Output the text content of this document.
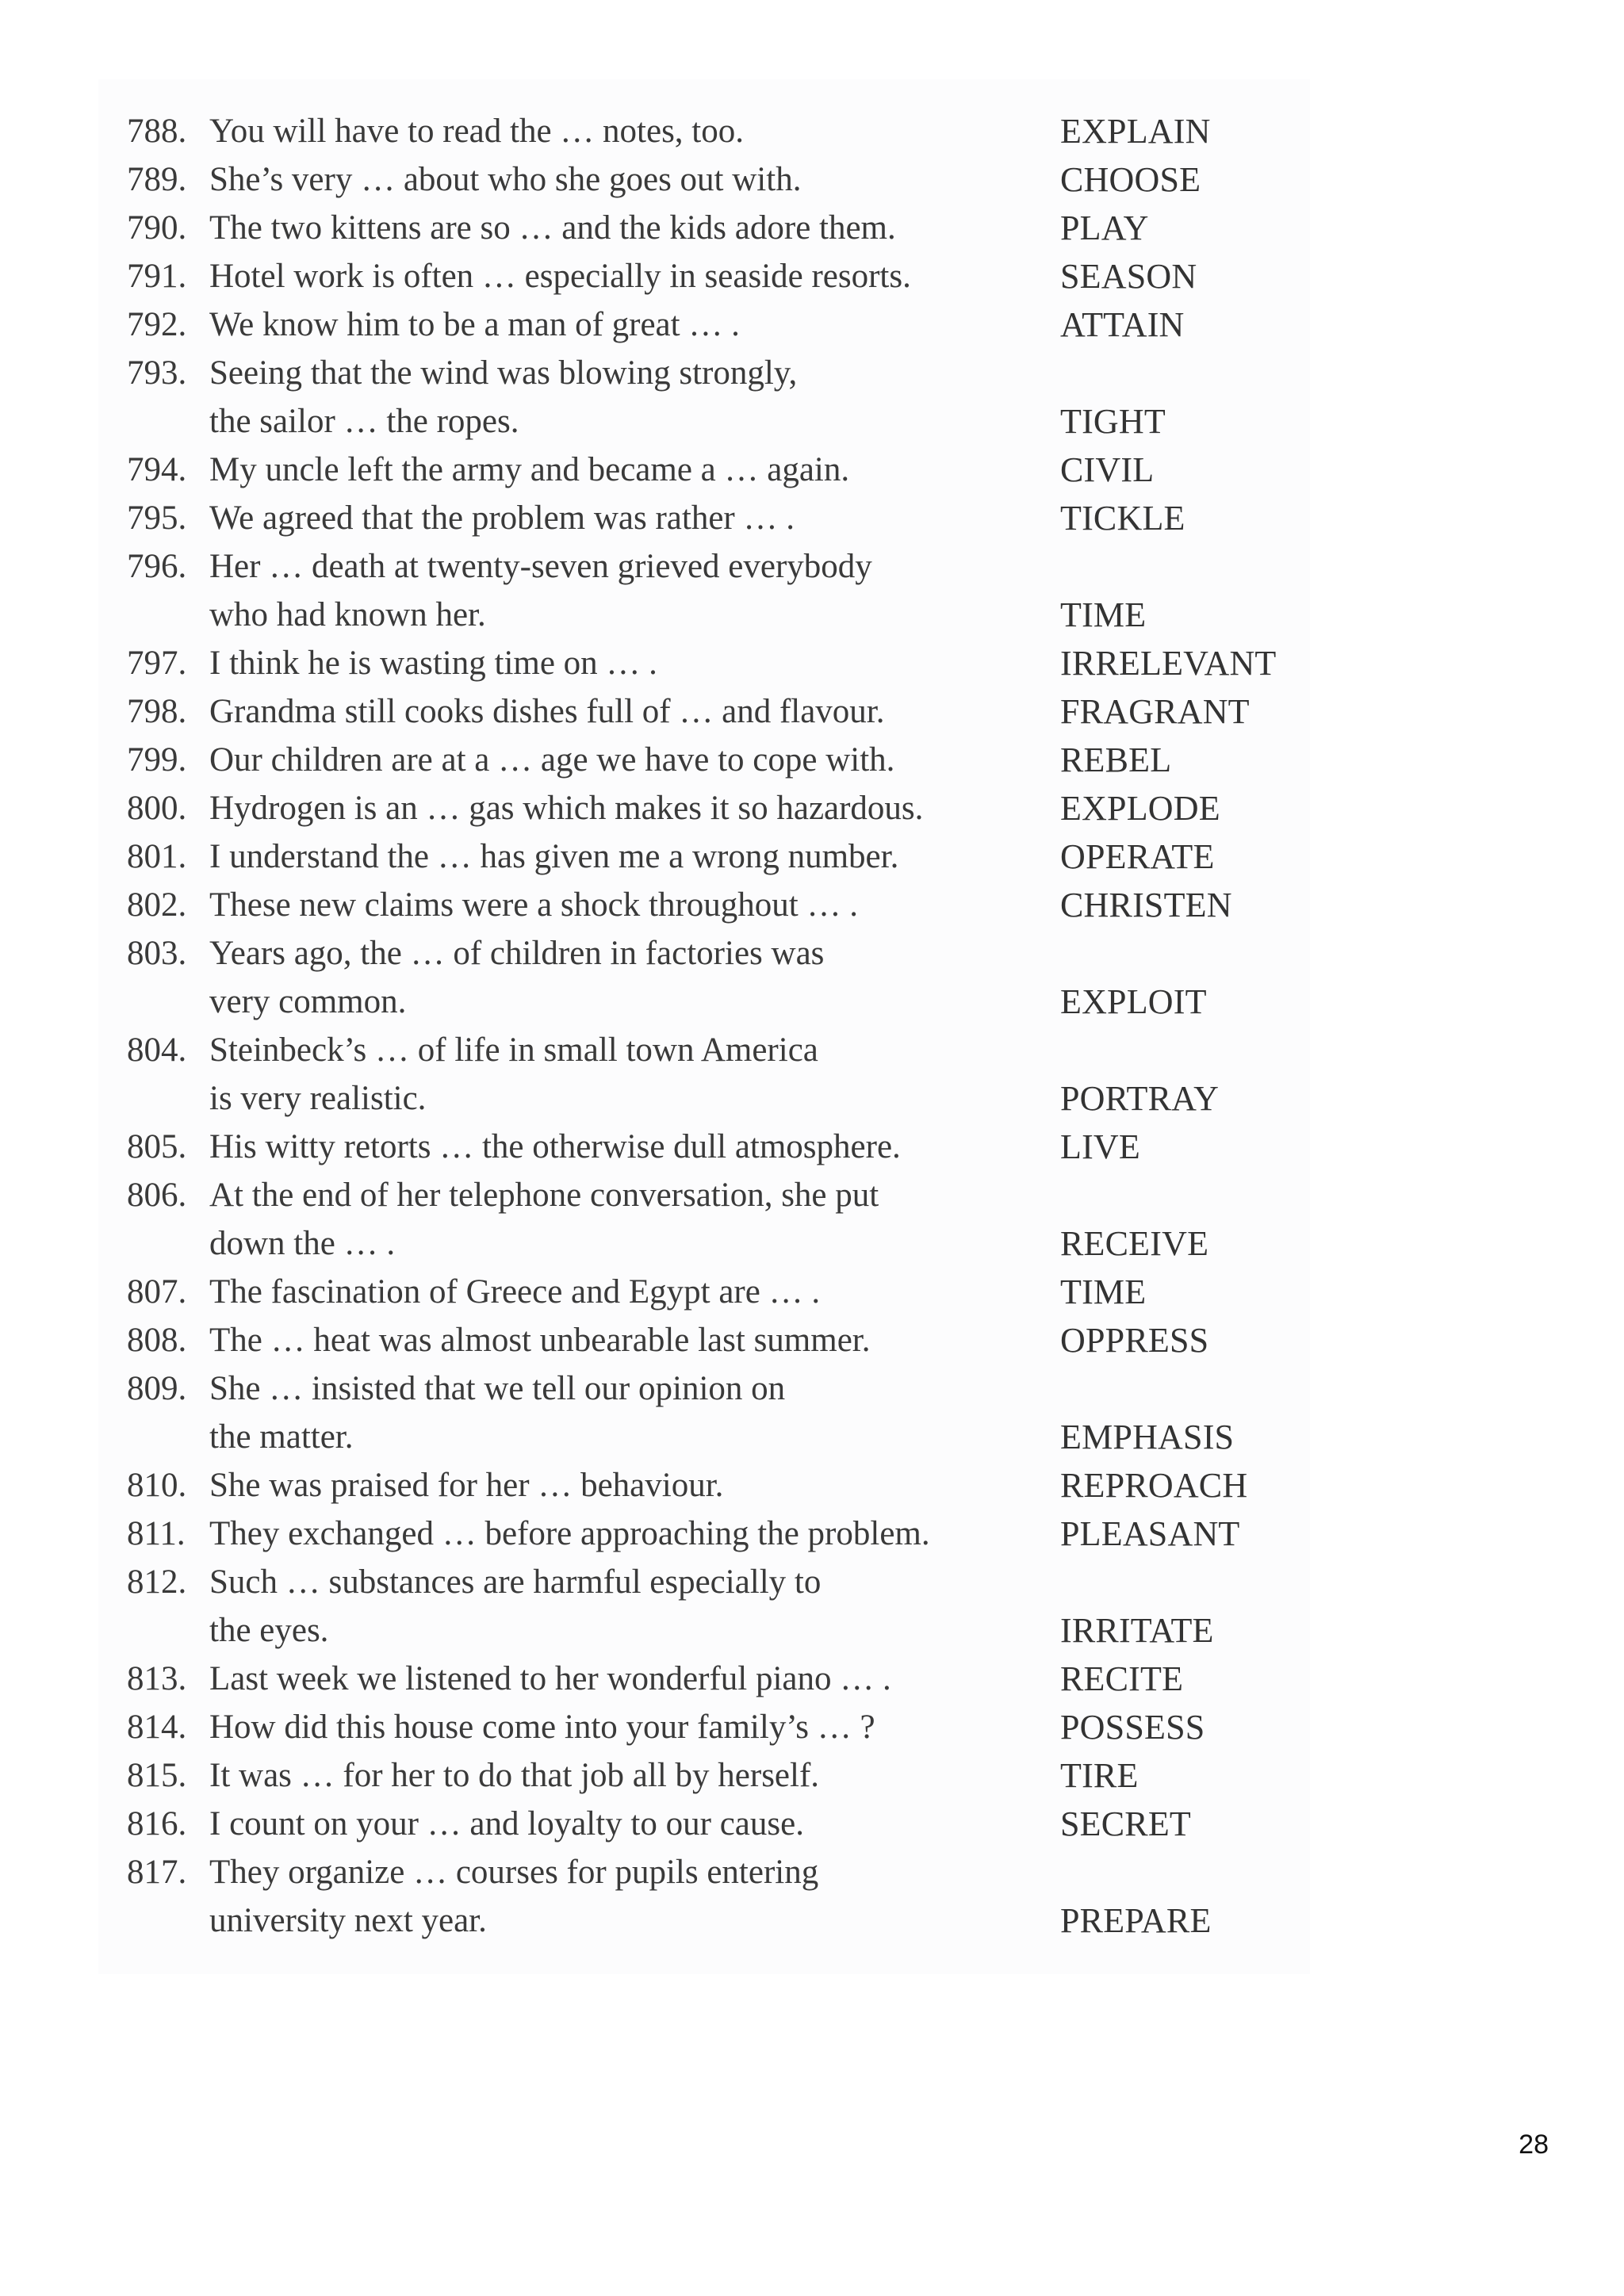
788. You will have to read the … notes, too.	EXPLAIN
789. She’s very … about who she goes out with.	CHOOSE
790. The two kittens are so … and the kids adore them.	PLAY
791. Hotel work is often … especially in seaside resorts.	SEASON
792. We know him to be a man of great … .	ATTAIN
793. Seeing that the wind was blowing strongly,
the sailor … the ropes.	TIGHT
794. My uncle left the army and became a … again.	CIVIL
795. We agreed that the problem was rather … .	TICKLE
796. Her … death at twenty-seven grieved everybody
who had known her.	TIME
797. I think he is wasting time on … .	IRRELEVANT
798. Grandma still cooks dishes full of … and flavour.	FRAGRANT
799. Our children are at a … age we have to cope with.	REBEL
800. Hydrogen is an … gas which makes it so hazardous.	EXPLODE
801. I understand the … has given me a wrong number.	OPERATE
802. These new claims were a shock throughout … .	CHRISTEN
803. Years ago, the … of children in factories was
very common.	EXPLOIT
804. Steinbeck’s … of life in small town America
is very realistic.	PORTRAY
805. His witty retorts … the otherwise dull atmosphere.	LIVE
806. At the end of her telephone conversation, she put
down the … .	RECEIVE
807. The fascination of Greece and Egypt are … .	TIME
808. The … heat was almost unbearable last summer.	OPPRESS
809. She … insisted that we tell our opinion on
the matter.	EMPHASIS
810. She was praised for her … behaviour.	REPROACH
811. They exchanged … before approaching the problem.	PLEASANT
812. Such … substances are harmful especially to
the eyes.	IRRITATE
813. Last week we listened to her wonderful piano … .	RECITE
814. How did this house come into your family’s … ?	POSSESS
815. It was … for her to do that job all by herself.	TIRE
816. I count on your … and loyalty to our cause.	SECRET
817. They organize … courses for pupils entering
university next year.	PREPARE
28
